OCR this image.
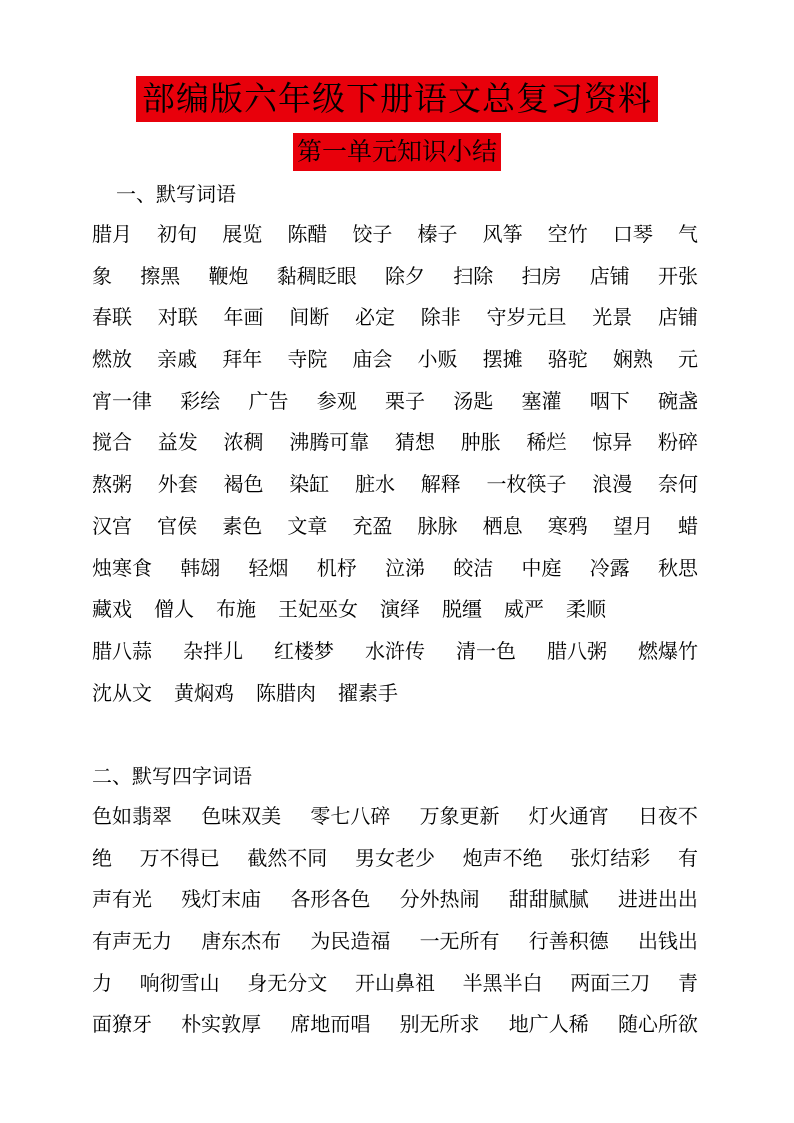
部编版六年级下册语文总复习资料
第一单元知识小结
一、默写词语
腊月 初旬 展览 陈醋 饺子 榛子 风筝 空竹 口琴 气
象 擦黑 鞭炮 黏稠眨眼 除夕 扫除 扫房 店铺 开张
春联 对联 年画 间断 必定 除非 守岁元旦 光景 店铺
燃放 亲戚 拜年 寺院 庙会 小贩 摆摊 骆驼 娴熟 元
宵一律 彩绘 广告 参观 栗子 汤匙 塞灌 咽下 碗盏
搅合 益发 浓稠 沸腾可靠 猜想 肿胀 稀烂 惊异 粉碎
熬粥 外套 褐色 染缸 脏水 解释 一枚筷子 浪漫 奈何
汉宫 官侯 素色 文章 充盈 脉脉 栖息 寒鸦 望月 蜡
烛寒食 韩翃 轻烟 机杼 泣涕 皎洁 中庭 冷露 秋思
藏戏 僧人 布施 王妃巫女 演绎 脱缰 威严 柔顺
腊八蒜 杂拌儿 红楼梦 水浒传 清一色 腊八粥 燃爆竹
沈从文 黄焖鸡 陈腊肉 擢素手
二、默写四字词语
色如翡翠 色味双美 零七八碎 万象更新 灯火通宵 日夜不
绝 万不得已 截然不同 男女老少 炮声不绝 张灯结彩 有
声有光 残灯末庙 各形各色 分外热闹 甜甜腻腻 进进出出
有声无力 唐东杰布 为民造福 一无所有 行善积德 出钱出
力 响彻雪山 身无分文 开山鼻祖 半黑半白 两面三刀 青
面獠牙 朴实敦厚 席地而唱 别无所求 地广人稀 随心所欲
